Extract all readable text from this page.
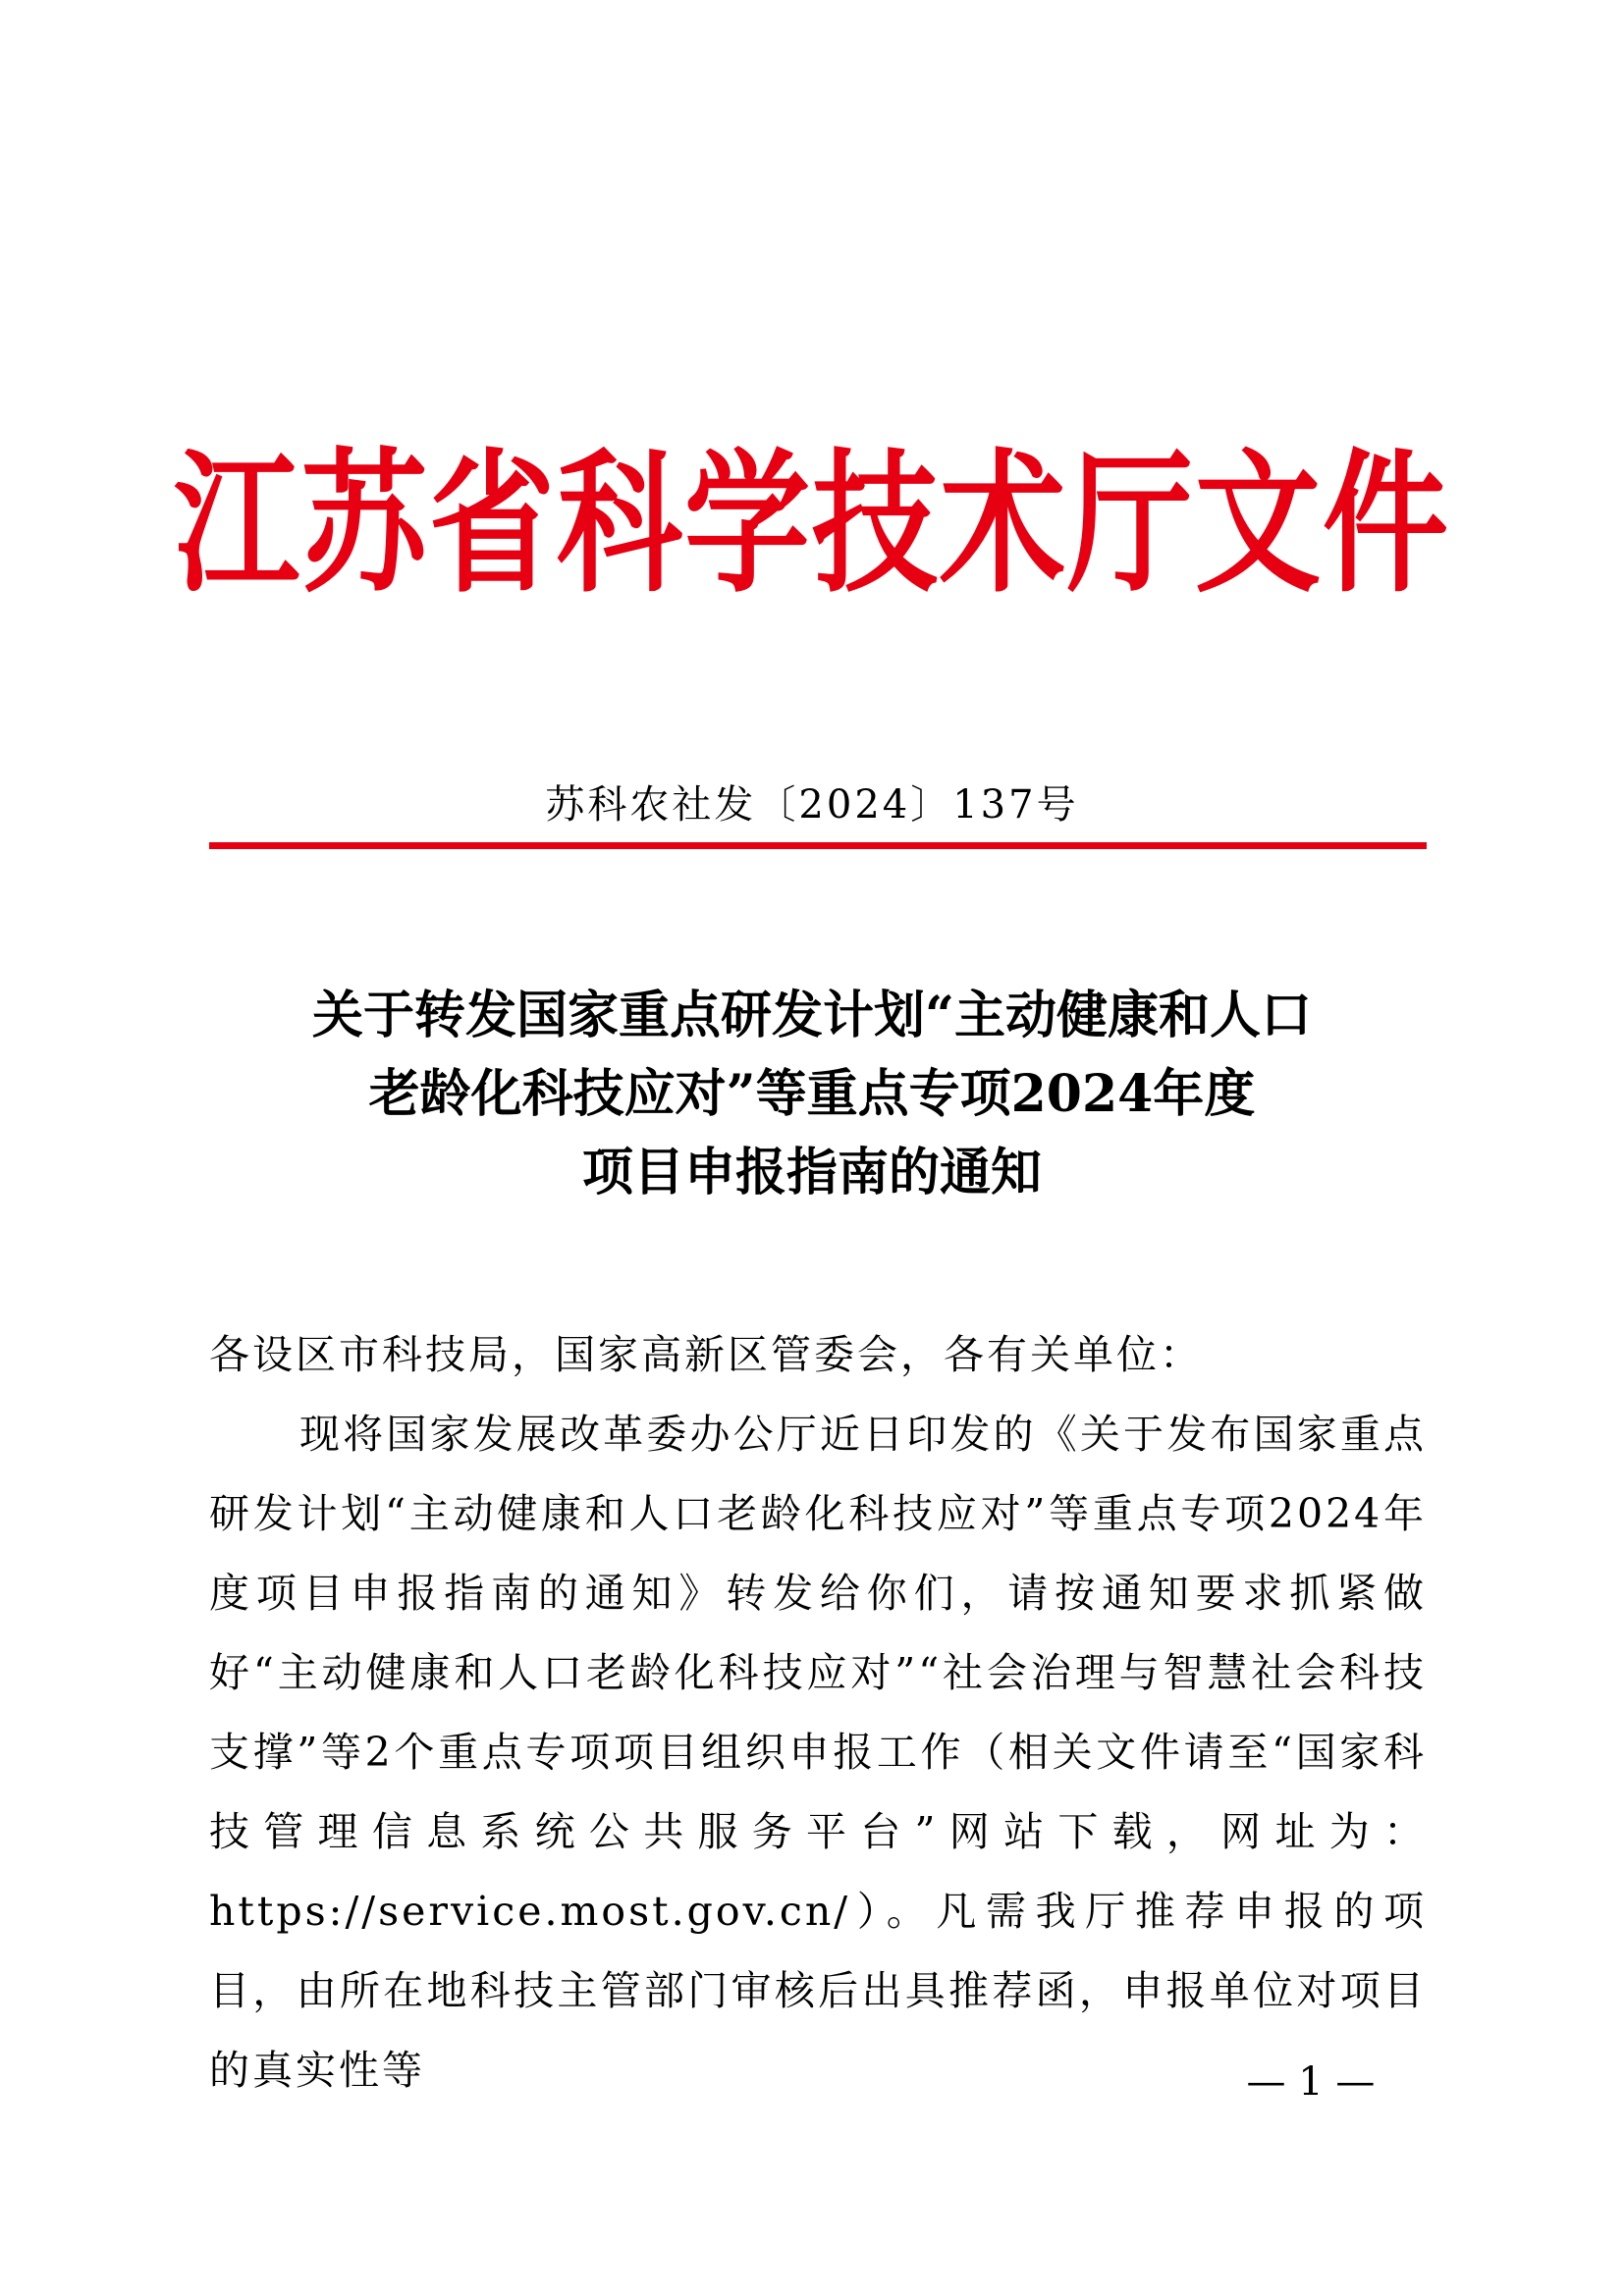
江苏省科学技术厅文件
苏科农社发〔2024〕137号
关于转发国家重点研发计划“主动健康和人口
老龄化科技应对”等重点专项2024年度
项目申报指南的通知

各设区市科技局，国家高新区管委会，各有关单位：

现将国家发展改革委办公厅近日印发的《关于发布国家重点研发计划“主动健康和人口老龄化科技应对”等重点专项2024年度项目申报指南的通知》转发给你们，请按通知要求抓紧做好“主动健康和人口老龄化科技应对”“社会治理与智慧社会科技支撑”等2个重点专项项目组织申报工作（相关文件请至“国家科技管理信息系统公共服务平台”网站下载，网址为：https://service.most.gov.cn/）。凡需我厅推荐申报的项目，由所在地科技主管部门审核后出具推荐函，申报单位对项目的真实性等	— 1 —
